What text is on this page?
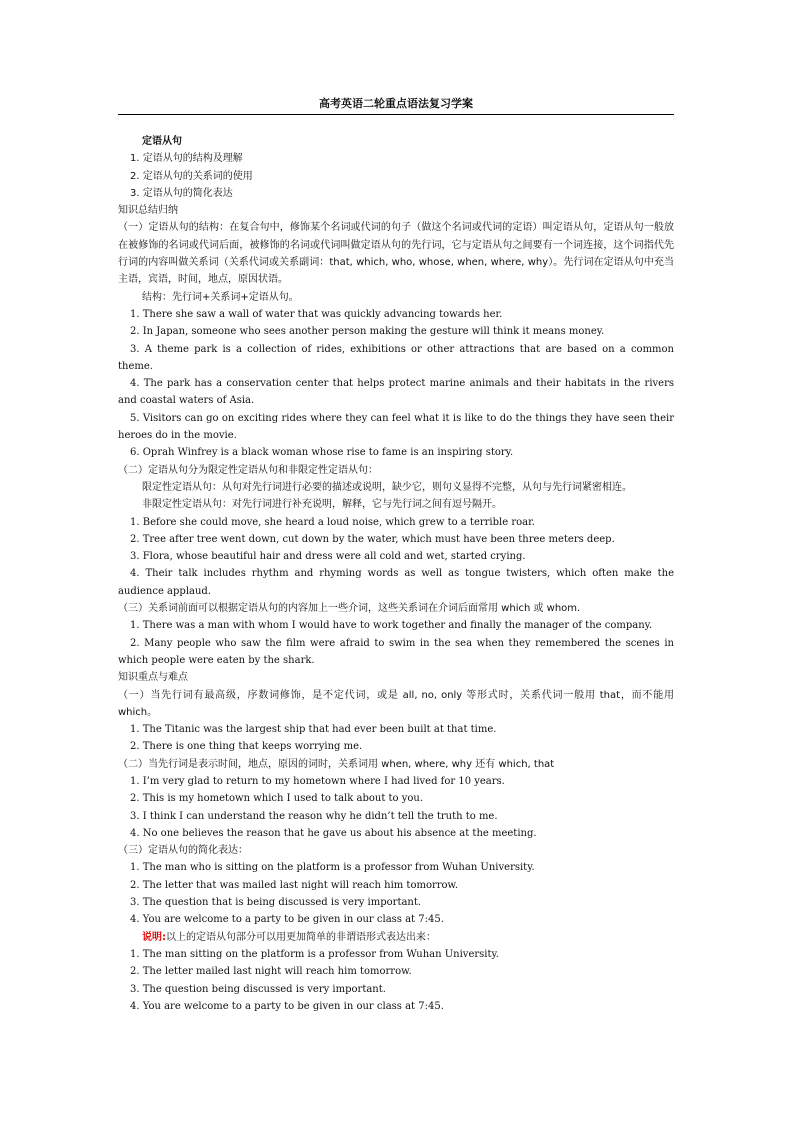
高考英语二轮重点语法复习学案

定语从句

1. 定语从句的结构及理解

2. 定语从句的关系词的使用

3. 定语从句的简化表达

知识总结归纳

（一）定语从句的结构：在复合句中，修饰某个名词或代词的句子（做这个名词或代词的定语）叫定语从句，定语从句一般放在被修饰的名词或代词后面，被修饰的名词或代词叫做定语从句的先行词，它与定语从句之间要有一个词连接，这个词指代先行词的内容叫做关系词（关系代词或关系副词：that, which, who, whose, when, where, why）。先行词在定语从句中充当主语，宾语，时间，地点，原因状语。

结构：先行词+关系词+定语从句。

1. There she saw a wall of water that was quickly advancing towards her.

2. In Japan, someone who sees another person making the gesture will think it means money.

3. A theme park is a collection of rides, exhibitions or other attractions that are based on a common theme.

4. The park has a conservation center that helps protect marine animals and their habitats in the rivers and coastal waters of Asia.

5. Visitors can go on exciting rides where they can feel what it is like to do the things they have seen their heroes do in the movie.

6. Oprah Winfrey is a black woman whose rise to fame is an inspiring story.

（二）定语从句分为限定性定语从句和非限定性定语从句：

限定性定语从句：从句对先行词进行必要的描述或说明，缺少它，则句义显得不完整，从句与先行词紧密相连。

非限定性定语从句：对先行词进行补充说明，解释，它与先行词之间有逗号隔开。

1. Before she could move, she heard a loud noise, which grew to a terrible roar.

2. Tree after tree went down, cut down by the water, which must have been three meters deep.

3. Flora, whose beautiful hair and dress were all cold and wet, started crying.

4. Their talk includes rhythm and rhyming words as well as tongue twisters, which often make the audience applaud.

（三）关系词前面可以根据定语从句的内容加上一些介词，这些关系词在介词后面常用 which 或 whom.

1. There was a man with whom I would have to work together and finally the manager of the company.

2. Many people who saw the film were afraid to swim in the sea when they remembered the scenes in which people were eaten by the shark.

知识重点与难点

（一）当先行词有最高级，序数词修饰，是不定代词，或是 all, no, only 等形式时，关系代词一般用 that，而不能用 which。

1. The Titanic was the largest ship that had ever been built at that time.

2. There is one thing that keeps worrying me.

（二）当先行词是表示时间，地点，原因的词时，关系词用 when, where, why 还有 which, that

1. I’m very glad to return to my hometown where I had lived for 10 years.

2. This is my hometown which I used to talk about to you.

3. I think I can understand the reason why he didn’t tell the truth to me.

4. No one believes the reason that he gave us about his absence at the meeting.

（三）定语从句的简化表达：

1. The man who is sitting on the platform is a professor from Wuhan University.

2. The letter that was mailed last night will reach him tomorrow.

3. The question that is being discussed is very important.

4. You are welcome to a party to be given in our class at 7:45.

说明:以上的定语从句部分可以用更加简单的非谓语形式表达出来：

1. The man sitting on the platform is a professor from Wuhan University.

2. The letter mailed last night will reach him tomorrow.

3. The question being discussed is very important.

4. You are welcome to a party to be given in our class at 7:45.
